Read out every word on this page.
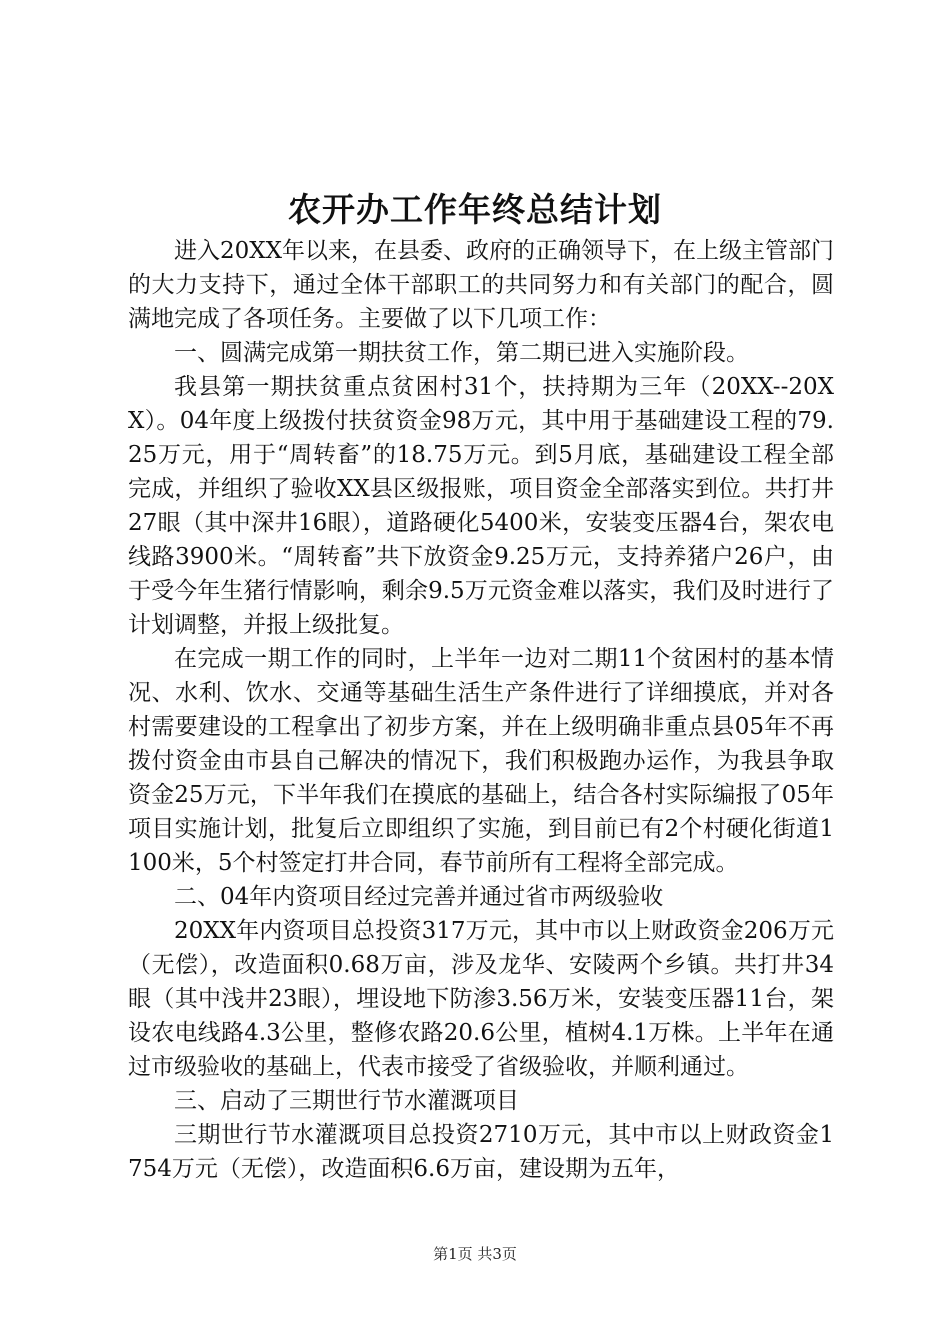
农开办工作年终总结计划

进入20XX年以来，在县委、政府的正确领导下，在上级主管部门的大力支持下，通过全体干部职工的共同努力和有关部门的配合，圆满地完成了各项任务。主要做了以下几项工作：

一、圆满完成第一期扶贫工作，第二期已进入实施阶段。

我县第一期扶贫重点贫困村31个，扶持期为三年（20XX--20XX）。04年度上级拨付扶贫资金98万元，其中用于基础建设工程的79.25万元，用于“周转畜”的18.75万元。到5月底，基础建设工程全部完成，并组织了验收XX县区级报账，项目资金全部落实到位。共打井27眼（其中深井16眼），道路硬化5400米，安装变压器4台，架农电线路3900米。“周转畜”共下放资金9.25万元，支持养猪户26户，由于受今年生猪行情影响，剩余9.5万元资金难以落实，我们及时进行了计划调整，并报上级批复。

在完成一期工作的同时，上半年一边对二期11个贫困村的基本情况、水利、饮水、交通等基础生活生产条件进行了详细摸底，并对各村需要建设的工程拿出了初步方案，并在上级明确非重点县05年不再拨付资金由市县自己解决的情况下，我们积极跑办运作，为我县争取资金25万元，下半年我们在摸底的基础上，结合各村实际编报了05年项目实施计划，批复后立即组织了实施，到目前已有2个村硬化街道1100米，5个村签定打井合同，春节前所有工程将全部完成。

二、04年内资项目经过完善并通过省市两级验收

20XX年内资项目总投资317万元，其中市以上财政资金206万元（无偿），改造面积0.68万亩，涉及龙华、安陵两个乡镇。共打井34眼（其中浅井23眼），埋设地下防渗3.56万米，安装变压器11台，架设农电线路4.3公里，整修农路20.6公里，植树4.1万株。上半年在通过市级验收的基础上，代表市接受了省级验收，并顺利通过。

三、启动了三期世行节水灌溉项目

三期世行节水灌溉项目总投资2710万元，其中市以上财政资金1754万元（无偿），改造面积6.6万亩，建设期为五年，

第1页 共3页
